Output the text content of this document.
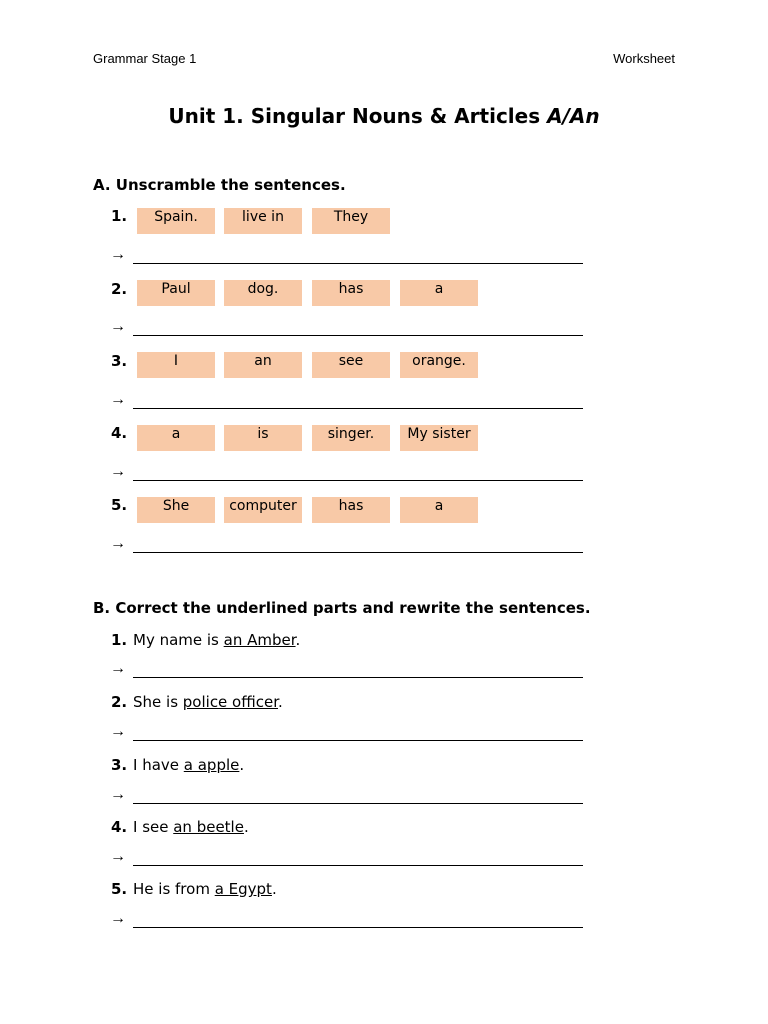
Grammar Stage 1	Worksheet
Unit 1. Singular Nouns & Articles A/An
A. Unscramble the sentences.
1.	Spain.	live in	They
→
2.	Paul	dog.	has	a
→
3.	I	an	see	orange.
→
4.	a	is	singer.	My sister
→
5.	She	computer	has	a
→
B. Correct the underlined parts and rewrite the sentences.
1. My name is an Amber.
→
2. She is police officer.
→
3. I have a apple.
→
4. I see an beetle.
→
5. He is from a Egypt.
→
